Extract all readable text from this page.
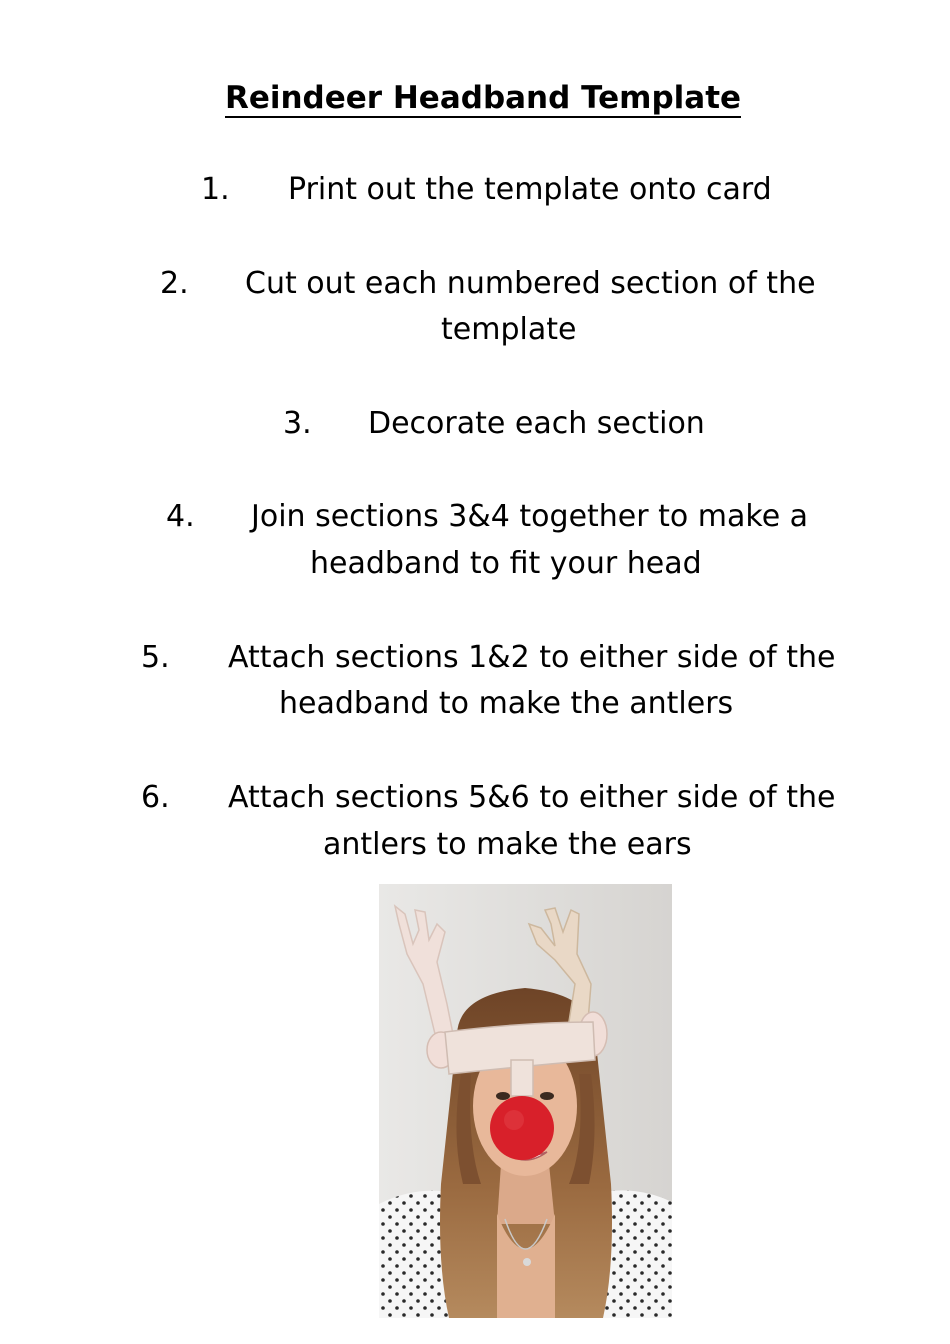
Reindeer Headband Template
1. Print out the template onto card
2. Cut out each numbered section of the
template
3. Decorate each section
4. Join sections 3&4 together to make a
headband to fit your head
5. Attach sections 1&2 to either side of the
headband to make the antlers
6. Attach sections 5&6 to either side of the
antlers to make the ears
